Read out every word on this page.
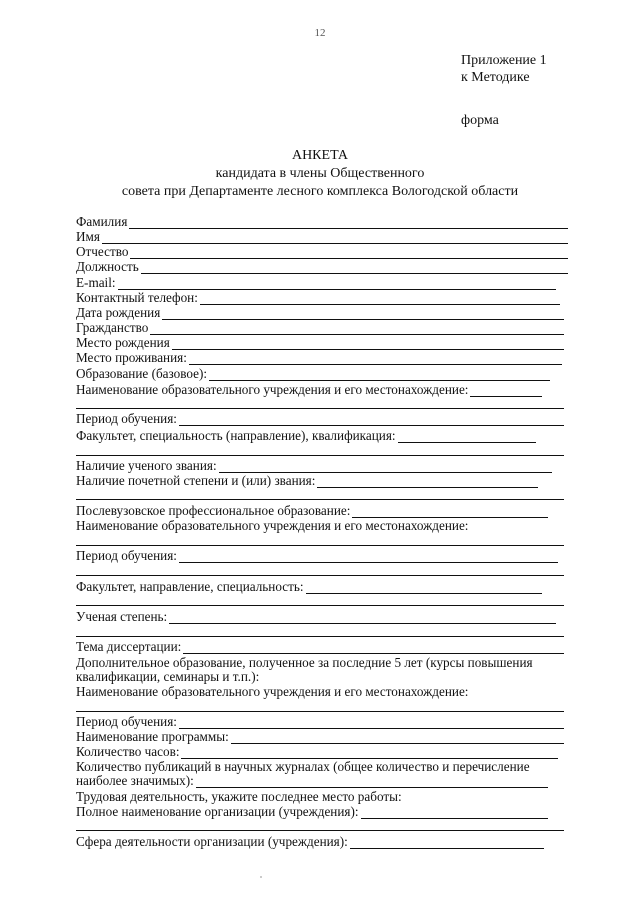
12
Приложение 1
к Методике
форма
АНКЕТА
кандидата в члены Общественного
совета при Департаменте лесного комплекса Вологодской области
Фамилия
Имя
Отчество
Должность
E-mail:
Контактный телефон:
Дата рождения
Гражданство
Место рождения
Место проживания:
Образование (базовое):
Наименование образовательного учреждения и его местонахождение:
Период обучения:
Факультет, специальность (направление), квалификация:
Наличие ученого звания:
Наличие почетной степени и (или) звания:
Послевузовское профессиональное образование:
Наименование образовательного учреждения и его местонахождение:
Период обучения:
Факультет, направление, специальность:
Ученая степень:
Тема диссертации:
Дополнительное образование, полученное за последние 5 лет (курсы повышения
квалификации, семинары и т.п.):
Наименование образовательного учреждения и его местонахождение:
Период обучения:
Наименование программы:
Количество часов:
Количество публикаций в научных журналах (общее количество и перечисление
наиболее значимых):
Трудовая деятельность, укажите последнее место работы:
Полное наименование организации (учреждения):
Сфера деятельности организации (учреждения):
